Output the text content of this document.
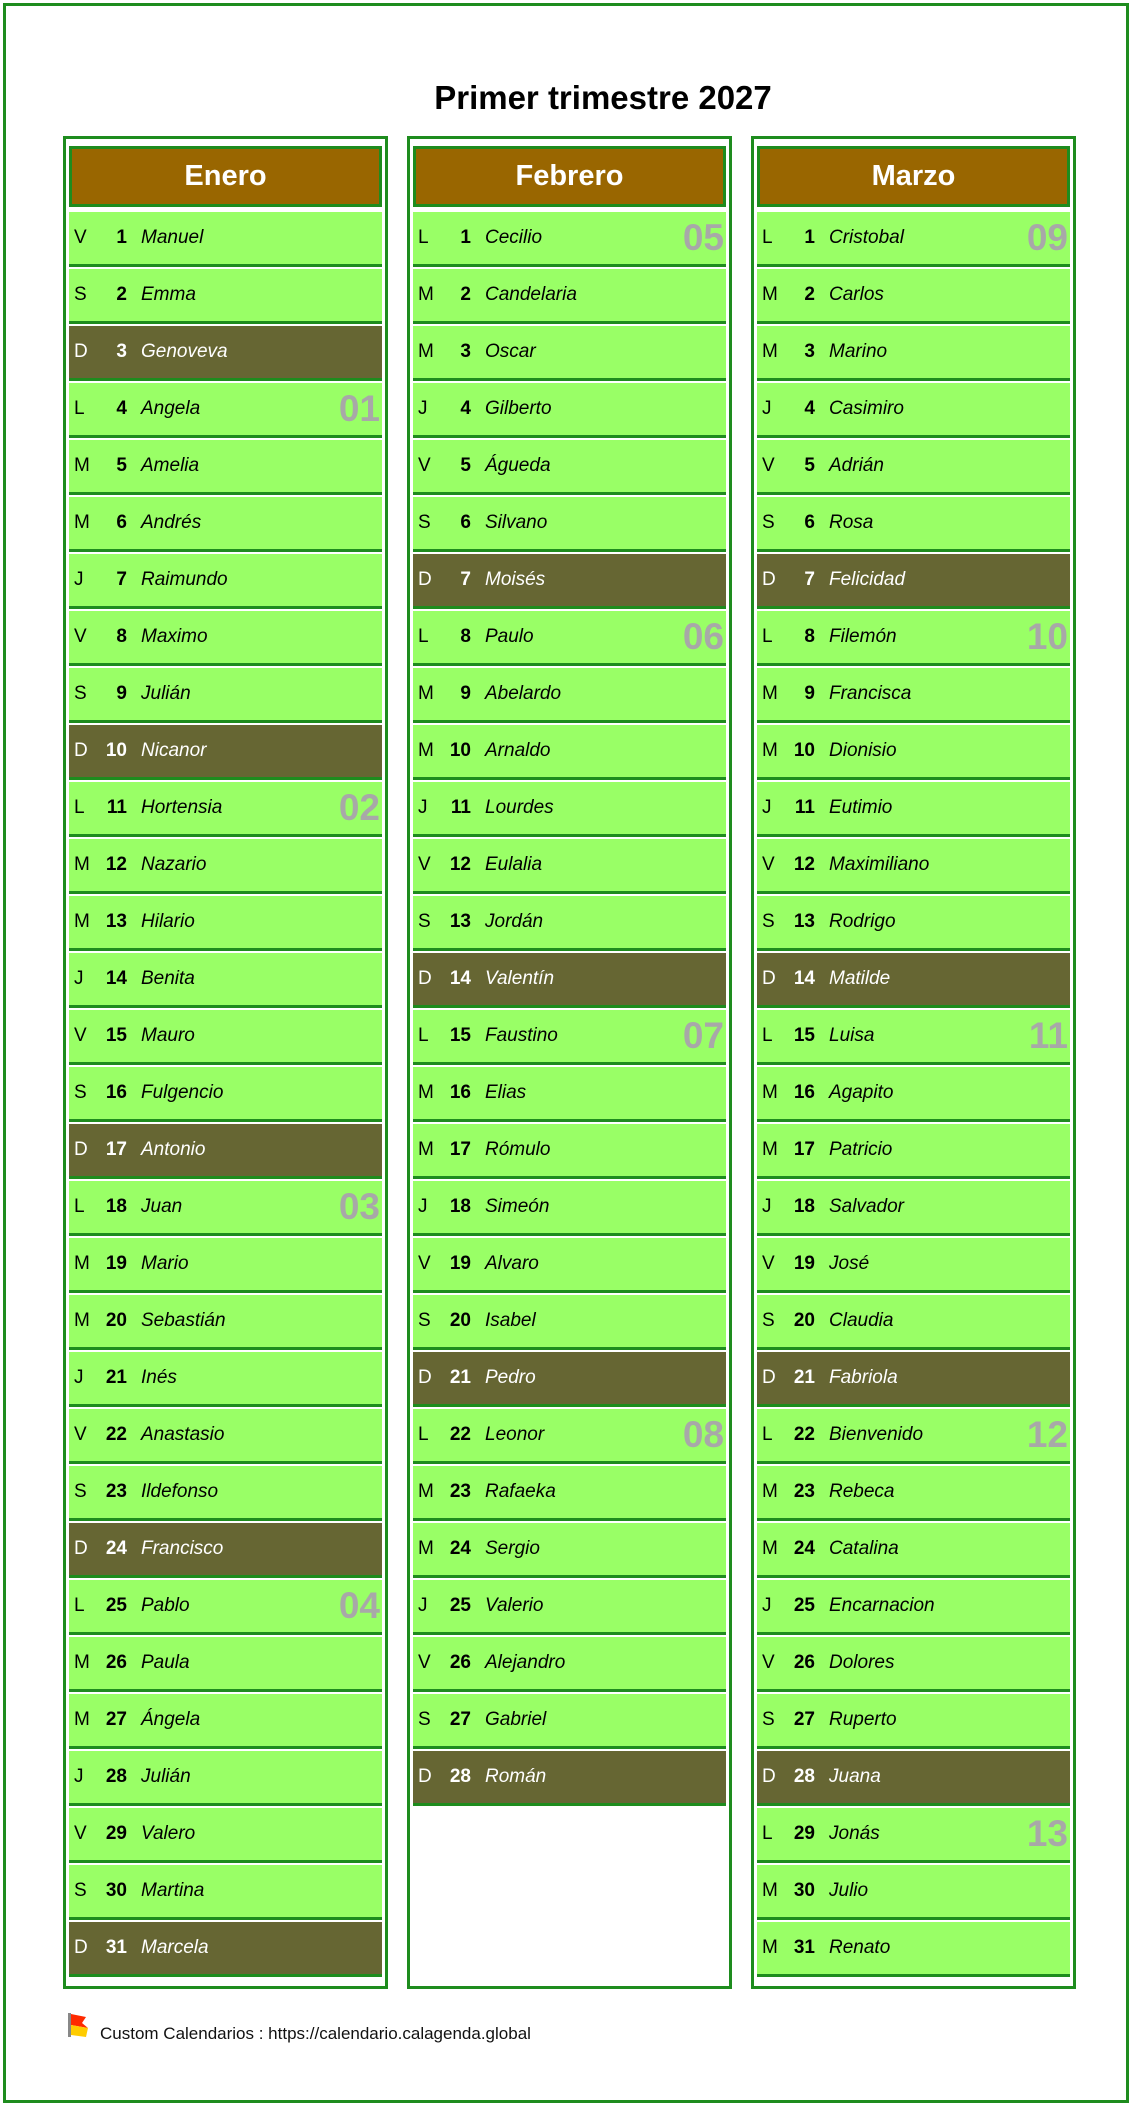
Primer trimestre 2027
Enero
V	1 Manuel
S	2 Emma
D	3 Genoveva
L	4 Angela	01
M	5 Amelia
M	6 Andrés
J	7 Raimundo
V	8 Maximo
S	9 Julián
D 10 Nicanor
L	11 Hortensia	02
M 12 Nazario
M 13 Hilario
J	14 Benita
V	15 Mauro
S	16 Fulgencio
D 17 Antonio
L	18 Juan	03
M 19 Mario
M 20 Sebastián
J	21 Inés
V	22 Anastasio
S	23 Ildefonso
D 24 Francisco
L	25 Pablo	04
M 26 Paula
M 27 Ángela
J	28 Julián
V	29 Valero
S	30 Martina
D 31 Marcela
Febrero
L	1 Cecilio	05
M	2 Candelaria
M	3 Oscar
J	4 Gilberto
V	5 Águeda
S	6 Silvano
D	7 Moisés
L	8 Paulo	06
M	9 Abelardo
M 10 Arnaldo
J	11 Lourdes
V	12 Eulalia
S	13 Jordán
D 14 Valentín
L	15 Faustino	07
M 16 Elias
M 17 Rómulo
J	18 Simeón
V	19 Alvaro
S	20 Isabel
D 21 Pedro
L	22 Leonor	08
M 23 Rafaeka
M 24 Sergio
J	25 Valerio
V	26 Alejandro
S	27 Gabriel
D 28 Román
Marzo
L	1 Cristobal	09
M	2 Carlos
M	3 Marino
J	4 Casimiro
V	5 Adrián
S	6 Rosa
D	7 Felicidad
L	8 Filemón	10
M	9 Francisca
M 10 Dionisio
J	11 Eutimio
V	12 Maximiliano
S	13 Rodrigo
D 14 Matilde
L	15 Luisa	11
M 16 Agapito
M 17 Patricio
J	18 Salvador
V	19 José
S	20 Claudia
D 21 Fabriola
L	22 Bienvenido	12
M 23 Rebeca
M 24 Catalina
J	25 Encarnacion
V	26 Dolores
S	27 Ruperto
D 28 Juana
L	29 Jonás	13
M 30 Julio
M 31 Renato
Custom Calendarios : https://calendario.calagenda.global
